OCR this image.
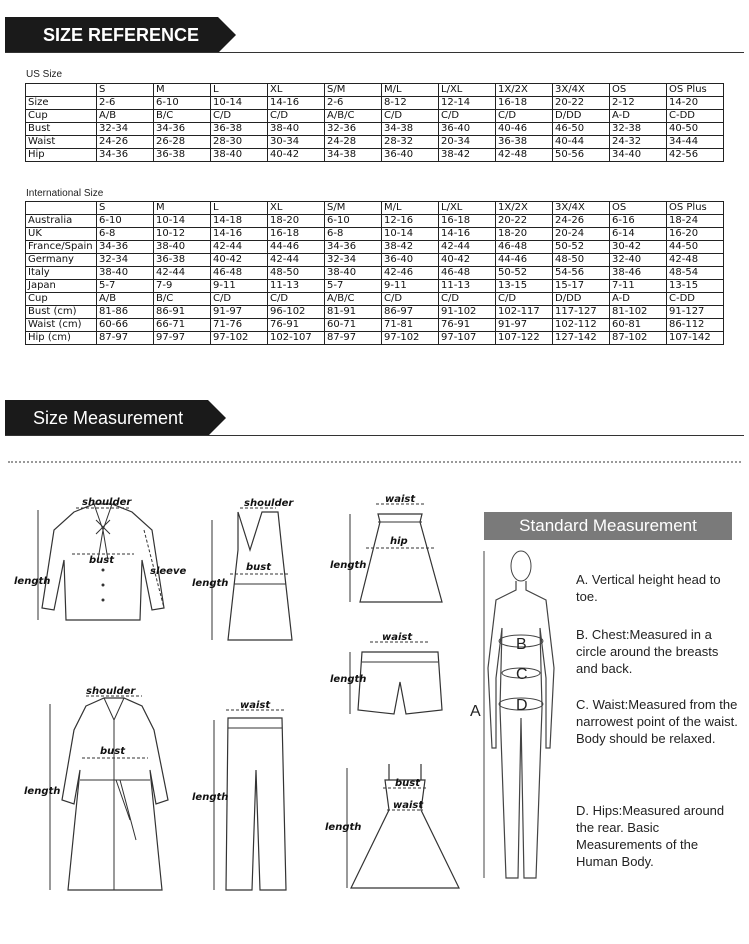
SIZE REFERENCE
US Size
	S	M	L	XL	S/M	M/L	L/XL	1X/2X	3X/4X	OS	OS Plus
Size	2-6	6-10	10-14	14-16	2-6	8-12	12-14	16-18	20-22	2-12	14-20
Cup	A/B	B/C	C/D	C/D	A/B/C	C/D	C/D	C/D	D/DD	A-D	C-DD
Bust	32-34	34-36	36-38	38-40	32-36	34-38	36-40	40-46	46-50	32-38	40-50
Waist	24-26	26-28	28-30	30-34	24-28	28-32	20-34	36-38	40-44	24-32	34-44
Hip	34-36	36-38	38-40	40-42	34-38	36-40	38-42	42-48	50-56	34-40	42-56
International Size
	S	M	L	XL	S/M	M/L	L/XL	1X/2X	3X/4X	OS	OS Plus
Australia	6-10	10-14	14-18	18-20	6-10	12-16	16-18	20-22	24-26	6-16	18-24
UK	6-8	10-12	14-16	16-18	6-8	10-14	14-16	18-20	20-24	6-14	16-20
France/Spain	34-36	38-40	42-44	44-46	34-36	38-42	42-44	46-48	50-52	30-42	44-50
Germany	32-34	36-38	40-42	42-44	32-34	36-40	40-42	44-46	48-50	32-40	42-48
Italy	38-40	42-44	46-48	48-50	38-40	42-46	46-48	50-52	54-56	38-46	48-54
Japan	5-7	7-9	9-11	11-13	5-7	9-11	11-13	13-15	15-17	7-11	13-15
Cup	A/B	B/C	C/D	C/D	A/B/C	C/D	C/D	C/D	D/DD	A-D	C-DD
Bust (cm)	81-86	86-91	91-97	96-102	81-91	86-97	91-102	102-117	117-127	81-102	91-127
Waist (cm)	60-66	66-71	71-76	76-91	60-71	71-81	76-91	91-97	102-112	60-81	86-112
Hip (cm)	87-97	97-97	97-102	102-107	87-97	97-102	97-107	107-122	127-142	87-102	107-142
Size Measurement
shoulder
bust
sleeve
length
shoulder
bust
length
waist
hip
length
waist
length
shoulder
bust
length
waist
length
bust
waist
length
Standard Measurement
B
C
D
A
A. Vertical height head to toe.
B. Chest:Measured in a circle around the breasts and back.
C. Waist:Measured from the narrowest point of the waist. Body should be relaxed.
D. Hips:Measured around the rear. Basic Measurements of the Human Body.
